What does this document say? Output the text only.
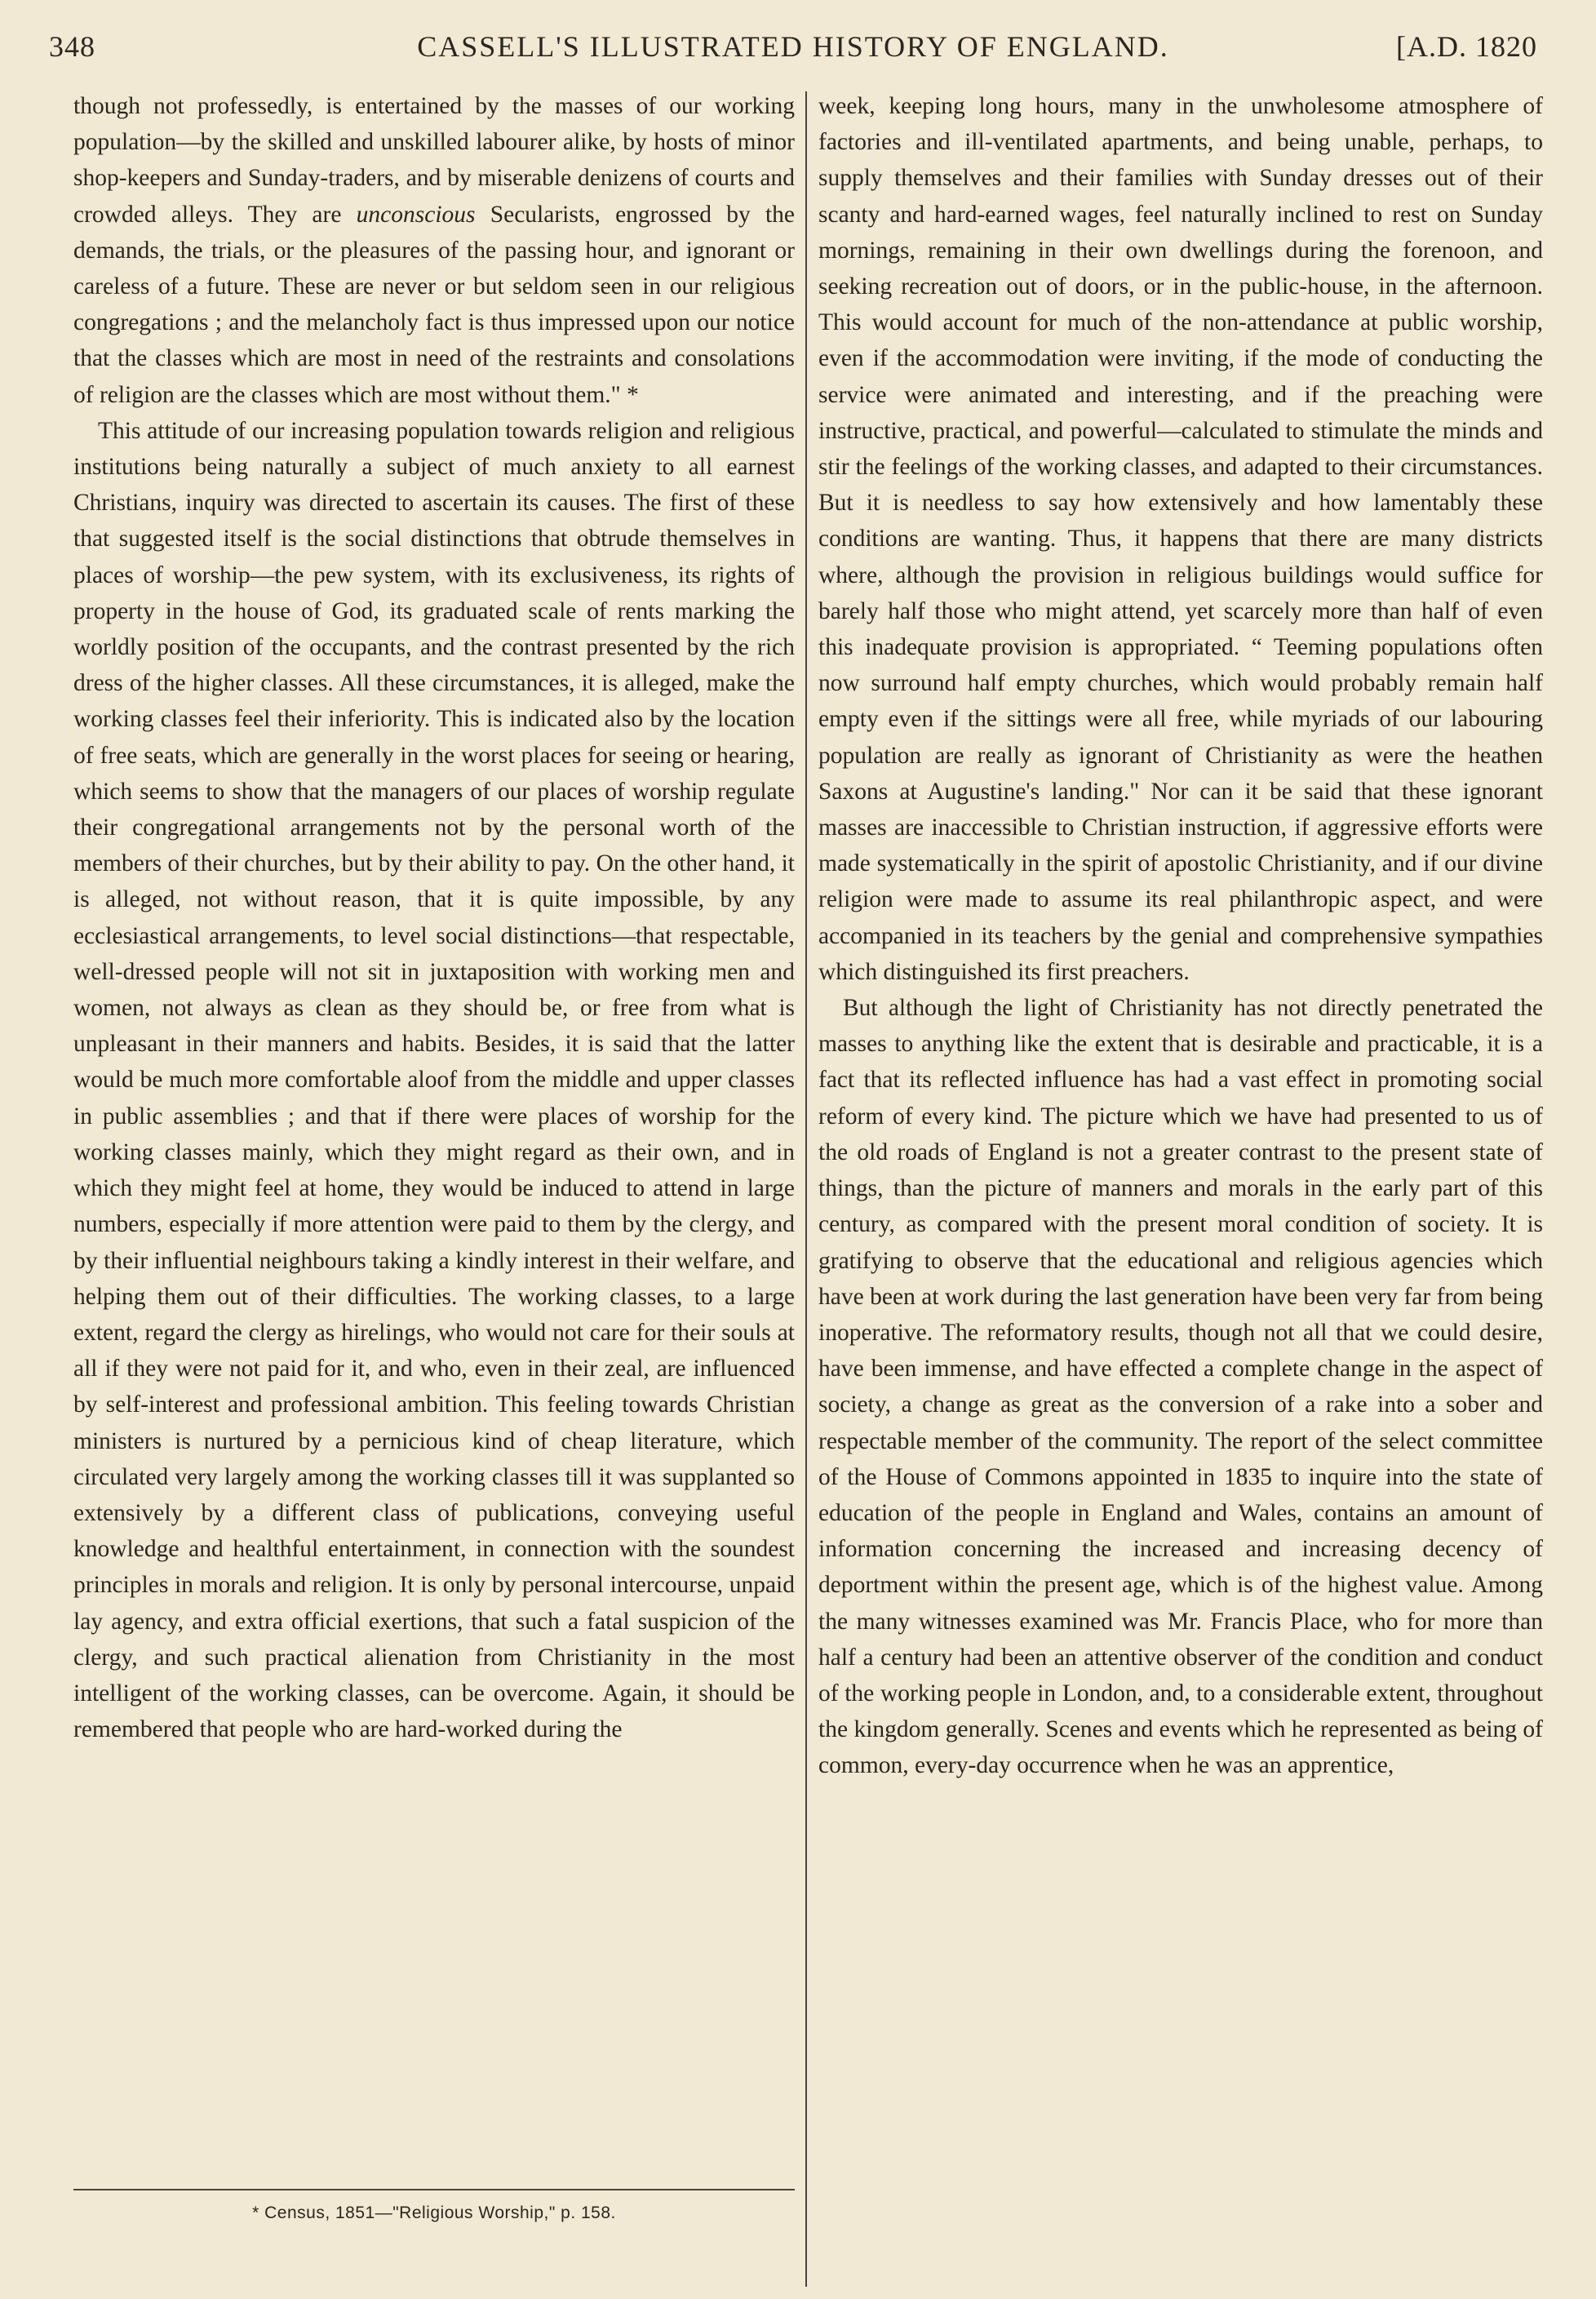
348	CASSELL'S ILLUSTRATED HISTORY OF ENGLAND.	[A.D. 1820

though not professedly, is entertained by the masses of our working population—by the skilled and unskilled labourer alike, by hosts of minor shop-keepers and Sunday-traders, and by miserable denizens of courts and crowded alleys. They are unconscious Secularists, engrossed by the demands, the trials, or the pleasures of the passing hour, and ignorant or careless of a future. These are never or but seldom seen in our religious congregations ; and the melancholy fact is thus impressed upon our notice that the classes which are most in need of the restraints and consolations of religion are the classes which are most without them." *

This attitude of our increasing population towards religion and religious institutions being naturally a subject of much anxiety to all earnest Christians, inquiry was directed to ascertain its causes. The first of these that suggested itself is the social distinctions that obtrude themselves in places of worship—the pew system, with its exclusiveness, its rights of property in the house of God, its graduated scale of rents marking the worldly position of the occupants, and the contrast presented by the rich dress of the higher classes. All these circumstances, it is alleged, make the working classes feel their inferiority. This is indicated also by the location of free seats, which are generally in the worst places for seeing or hearing, which seems to show that the managers of our places of worship regulate their congregational arrangements not by the personal worth of the members of their churches, but by their ability to pay. On the other hand, it is alleged, not without reason, that it is quite impossible, by any ecclesiastical arrangements, to level social distinctions—that respectable, well-dressed people will not sit in juxtaposition with working men and women, not always as clean as they should be, or free from what is unpleasant in their manners and habits. Besides, it is said that the latter would be much more comfortable aloof from the middle and upper classes in public assemblies ; and that if there were places of worship for the working classes mainly, which they might regard as their own, and in which they might feel at home, they would be induced to attend in large numbers, especially if more attention were paid to them by the clergy, and by their influential neighbours taking a kindly interest in their welfare, and helping them out of their difficulties. The working classes, to a large extent, regard the clergy as hirelings, who would not care for their souls at all if they were not paid for it, and who, even in their zeal, are influenced by self-interest and professional ambition. This feeling towards Christian ministers is nurtured by a pernicious kind of cheap literature, which circulated very largely among the working classes till it was supplanted so extensively by a different class of publications, conveying useful knowledge and healthful entertainment, in connection with the soundest principles in morals and religion. It is only by personal intercourse, unpaid lay agency, and extra official exertions, that such a fatal suspicion of the clergy, and such practical alienation from Christianity in the most intelligent of the working classes, can be overcome. Again, it should be remembered that people who are hard-worked during the

week, keeping long hours, many in the unwholesome atmosphere of factories and ill-ventilated apartments, and being unable, perhaps, to supply themselves and their families with Sunday dresses out of their scanty and hard-earned wages, feel naturally inclined to rest on Sunday mornings, remaining in their own dwellings during the forenoon, and seeking recreation out of doors, or in the public-house, in the afternoon. This would account for much of the non-attendance at public worship, even if the accommodation were inviting, if the mode of conducting the service were animated and interesting, and if the preaching were instructive, practical, and powerful—calculated to stimulate the minds and stir the feelings of the working classes, and adapted to their circumstances. But it is needless to say how extensively and how lamentably these conditions are wanting. Thus, it happens that there are many districts where, although the provision in religious buildings would suffice for barely half those who might attend, yet scarcely more than half of even this inadequate provision is appropriated. “ Teeming populations often now surround half empty churches, which would probably remain half empty even if the sittings were all free, while myriads of our labouring population are really as ignorant of Christianity as were the heathen Saxons at Augustine's landing." Nor can it be said that these ignorant masses are inaccessible to Christian instruction, if aggressive efforts were made systematically in the spirit of apostolic Christianity, and if our divine religion were made to assume its real philanthropic aspect, and were accompanied in its teachers by the genial and comprehensive sympathies which distinguished its first preachers.

But although the light of Christianity has not directly penetrated the masses to anything like the extent that is desirable and practicable, it is a fact that its reflected influence has had a vast effect in promoting social reform of every kind. The picture which we have had presented to us of the old roads of England is not a greater contrast to the present state of things, than the picture of manners and morals in the early part of this century, as compared with the present moral condition of society. It is gratifying to observe that the educational and religious agencies which have been at work during the last generation have been very far from being inoperative. The reformatory results, though not all that we could desire, have been immense, and have effected a complete change in the aspect of society, a change as great as the conversion of a rake into a sober and respectable member of the community. The report of the select committee of the House of Commons appointed in 1835 to inquire into the state of education of the people in England and Wales, contains an amount of information concerning the increased and increasing decency of deportment within the present age, which is of the highest value. Among the many witnesses examined was Mr. Francis Place, who for more than half a century had been an attentive observer of the condition and conduct of the working people in London, and, to a considerable extent, throughout the kingdom generally. Scenes and events which he represented as being of common, every-day occurrence when he was an apprentice,

* Census, 1851—"Religious Worship," p. 158.
